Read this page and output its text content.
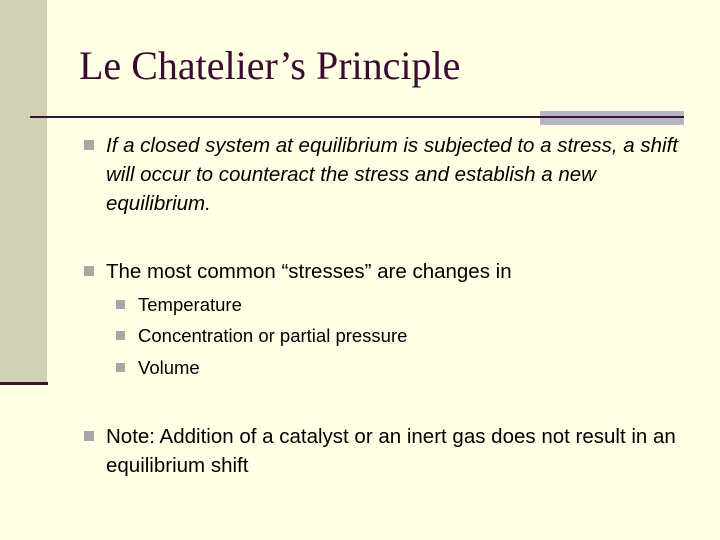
Le Chatelier’s Principle
If a closed system at equilibrium is subjected to a stress, a shift will occur to counteract the stress and establish a new equilibrium.
The most common “stresses” are changes in
Temperature
Concentration or partial pressure
Volume
Note: Addition of a catalyst or an inert gas does not result in an equilibrium shift
